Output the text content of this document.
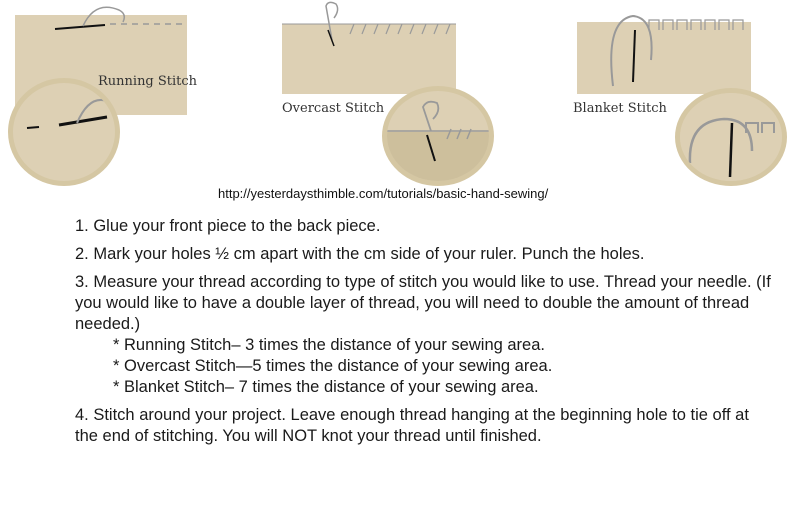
Running Stitch
Overcast Stitch	Blanket Stitch
http://yesterdaysthimble.com/tutorials/basic-hand-sewing/

1. Glue your front piece to the back piece.

2. Mark your holes ½ cm apart with the cm side of your ruler. Punch the holes.

3. Measure your thread according to type of stitch you would like to use. Thread your needle. (If you would like to have a double layer of thread, you will need to double the amount of thread needed.)

* Running Stitch– 3 times the distance of your sewing area.

* Overcast Stitch—5 times the distance of your sewing area.

* Blanket Stitch– 7 times the distance of your sewing area.

4. Stitch around your project. Leave enough thread hanging at the beginning hole to tie off at the end of stitching. You will NOT knot your thread until finished.
